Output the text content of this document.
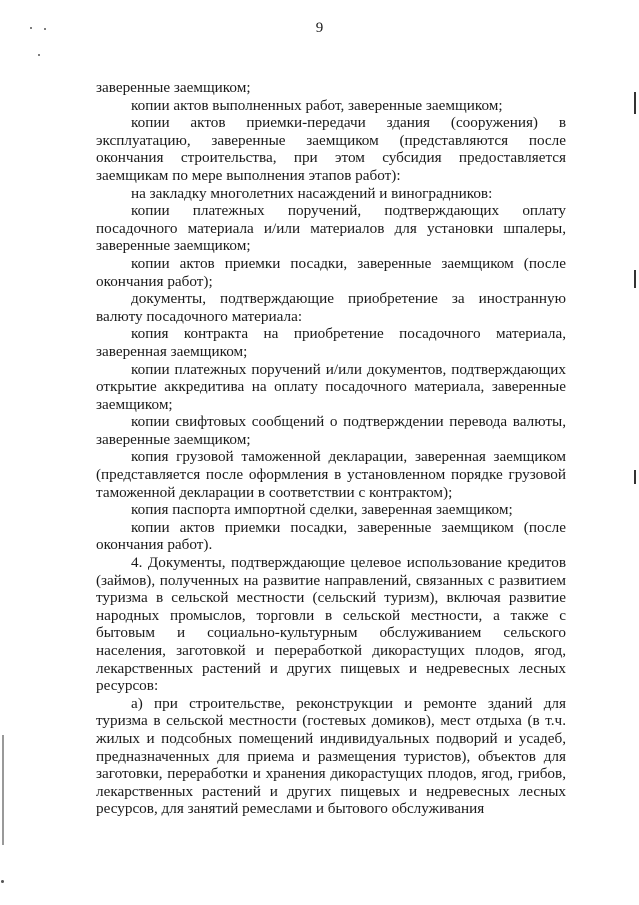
9

заверенные заемщиком;

копии актов выполненных работ, заверенные заемщиком;

копии актов приемки-передачи здания (сооружения) в эксплуатацию, заверенные заемщиком (представляются после окончания строительства, при этом субсидия предоставляется заемщикам по мере выполнения этапов работ):

на закладку многолетних насаждений и виноградников:

копии платежных поручений, подтверждающих оплату посадочного материала и/или материалов для установки шпалеры, заверенные заемщиком;

копии актов приемки посадки, заверенные заемщиком (после окончания работ);

документы, подтверждающие приобретение за иностранную валюту посадочного материала:

копия контракта на приобретение посадочного материала, заверенная заемщиком;

копии платежных поручений и/или документов, подтверждающих открытие аккредитива на оплату посадочного материала, заверенные заемщиком;

копии свифтовых сообщений о подтверждении перевода валюты, заверенные заемщиком;

копия грузовой таможенной декларации, заверенная заемщиком (представляется после оформления в установленном порядке грузовой таможенной декларации в соответствии с контрактом);

копия паспорта импортной сделки, заверенная заемщиком;

копии актов приемки посадки, заверенные заемщиком (после окончания работ).

4. Документы, подтверждающие целевое использование кредитов (займов), полученных на развитие направлений, связанных с развитием туризма в сельской местности (сельский туризм), включая развитие народных промыслов, торговли в сельской местности, а также с бытовым и социально-культурным обслуживанием сельского населения, заготовкой и переработкой дикорастущих плодов, ягод, лекарственных растений и других пищевых и недревесных лесных ресурсов:

а) при строительстве, реконструкции и ремонте зданий для туризма в сельской местности (гостевых домиков), мест отдыха (в т.ч. жилых и подсобных помещений индивидуальных подворий и усадеб, предназначенных для приема и размещения туристов), объектов для заготовки, переработки и хранения дикорастущих плодов, ягод, грибов, лекарственных растений и других пищевых и недревесных лесных ресурсов, для занятий ремеслами и бытового обслуживания
